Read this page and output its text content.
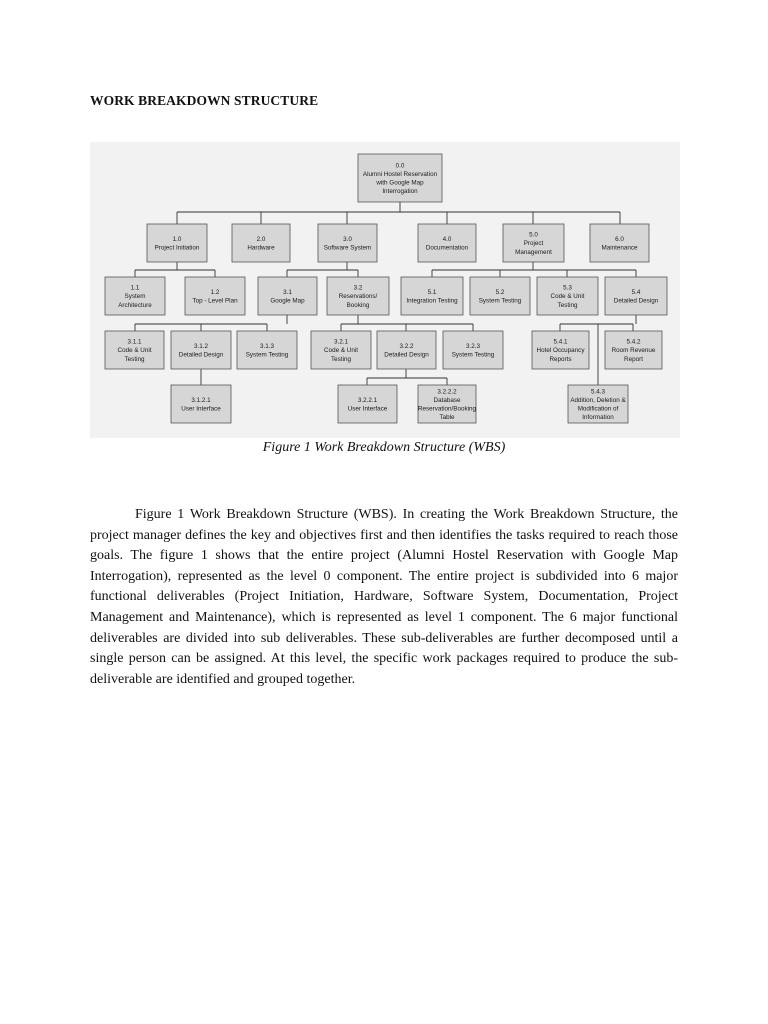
WORK BREAKDOWN STRUCTURE
0.0
Alumni Hostel Reservation
with Google Map
Interrogation
1.0
Project Initiation
2.0
Hardware
3.0
Software System
4.0
Documentation
5.0
Project
Management
6.0
Maintenance
1.1
System
Architecture
1.2
Top - Level Plan
3.1
Google Map
3.2
Reservations/
Booking
5.1
Integration Testing
5.2
System Testing
5.3
Code & Unit
Testing
5.4
Detailed Design
3.1.1
Code & Unit
Testing
3.1.2
Detailed Design
3.1.3
System Testing
3.2.1
Code & Unit
Testing
3.2.2
Detailed Design
3.2.3
System Testing
5.4.1
Hotel Occupancy
Reports
5.4.2
Room Revenue
Report
3.1.2.1
User Interface
3.2.2.1
User Interface
3.2.2.2
Database
Reservation/Booking
Table
5.4.3
Addition, Deletion &
Modification of
Information
Figure 1 Work Breakdown Structure (WBS)

Figure 1 Work Breakdown Structure (WBS). In creating the Work Breakdown Structure, the project manager defines the key and objectives first and then identifies the tasks required to reach those goals. The figure 1 shows that the entire project (Alumni Hostel Reservation with Google Map Interrogation), represented as the level 0 component. The entire project is subdivided into 6 major functional deliverables (Project Initiation, Hardware, Software System, Documentation, Project Management and Maintenance), which is represented as level 1 component. The 6 major functional deliverables are divided into sub deliverables. These sub-deliverables are further decomposed until a single person can be assigned. At this level, the specific work packages required to produce the sub- deliverable are identified and grouped together.
